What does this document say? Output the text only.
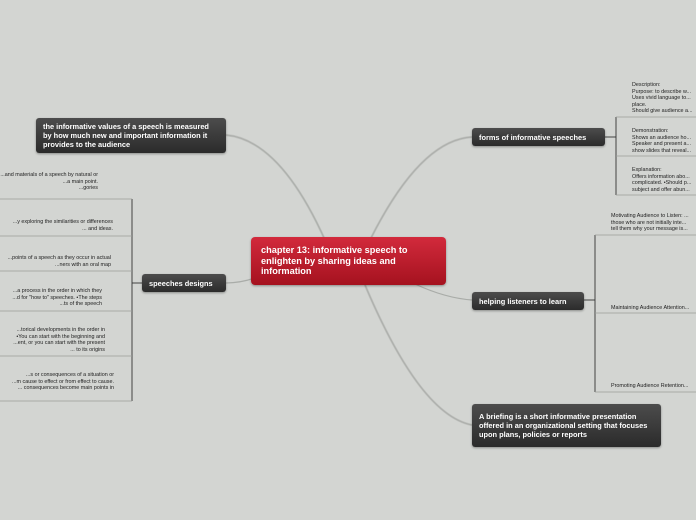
chapter 13: informative speech to enlighten by sharing ideas and information
the informative values of a speech is measured by how much new and important information it provides to the audience
speeches designs
forms of informative speeches
helping listeners to learn
A briefing is a short informative presentation offered in an organizational setting that focuses upon plans, policies or reports
...and materials of a speech by natural or
...a main point.
...gories
...y exploring the similarities or differences
... and ideas.
...points of a speech as they occur in actual
...ners with an oral map
...a process in the order in which they
...d for "how to" speeches. •The steps
...ts of the speech
...torical developments in the order in
•You can start with the beginning and
...ent, or you can start with the present
... to its origins
...s or consequences of a situation or
...m cause to effect or from effect to cause.
... consequences become main points in
Description:
Purpose: to describe w...
Uses vivid language to...
place.
Should give audience a...
Demonstration:
Shows an audience ho...
Speaker and present a...
show slides that reveal...
Explanation:
Offers information abo...
complicated. •Should p...
subject and offer abun...
Motivating Audience to Listen: ...
those who are not initially inte...
tell them why your message is...
Maintaining Audience Attention...
Promoting Audience Retention...
